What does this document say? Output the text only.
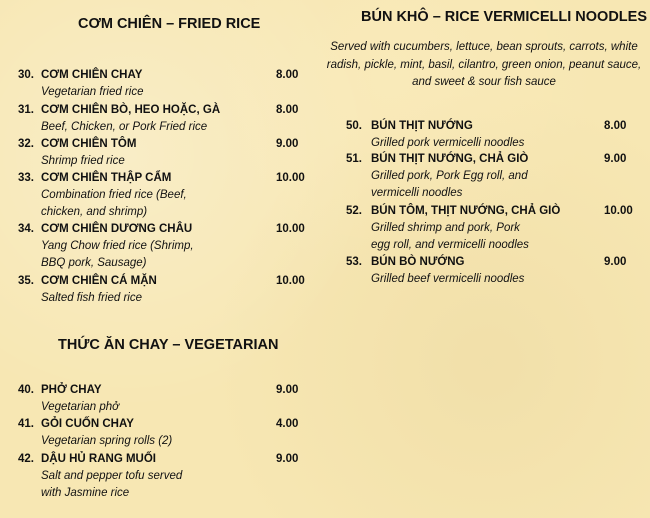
CƠM CHIÊN – FRIED RICE
30. CƠM CHIÊN CHAY	8.00
Vegetarian fried rice
31. CƠM CHIÊN BÒ, HEO HOẶC, GÀ	8.00
Beef, Chicken, or Pork Fried rice
32. CƠM CHIÊN TÔM	9.00
Shrimp fried rice
33. CƠM CHIÊN THẬP CẨM	10.00
Combination fried rice (Beef, chicken, and shrimp)
34. CƠM CHIÊN DƯƠNG CHÂU	10.00
Yang Chow fried rice (Shrimp, BBQ pork, Sausage)
35. CƠM CHIÊN CÁ MẶN	10.00
Salted fish fried rice
THỨC ĂN CHAY – VEGETARIAN
40. PHỞ CHAY	9.00
Vegetarian phở
41. GỎI CUỐN CHAY	4.00
Vegetarian spring rolls (2)
42. DẬU HỦ RANG MUỐI	9.00
Salt and pepper tofu served with Jasmine rice
BÚN KHÔ – RICE VERMICELLI NOODLES
Served with cucumbers, lettuce, bean sprouts, carrots, white radish, pickle, mint, basil, cilantro, green onion, peanut sauce, and sweet & sour fish sauce
50. BÚN THỊT NƯỚNG	8.00
Grilled pork vermicelli noodles
51. BÚN THỊT NƯỚNG, CHẢ GIÒ	9.00
Grilled pork, Pork Egg roll, and vermicelli noodles
52. BÚN TÔM, THỊT NƯỚNG, CHẢ GIÒ	10.00
Grilled shrimp and pork, Pork egg roll, and vermicelli noodles
53. BÚN BÒ NƯỚNG	9.00
Grilled beef vermicelli noodles
